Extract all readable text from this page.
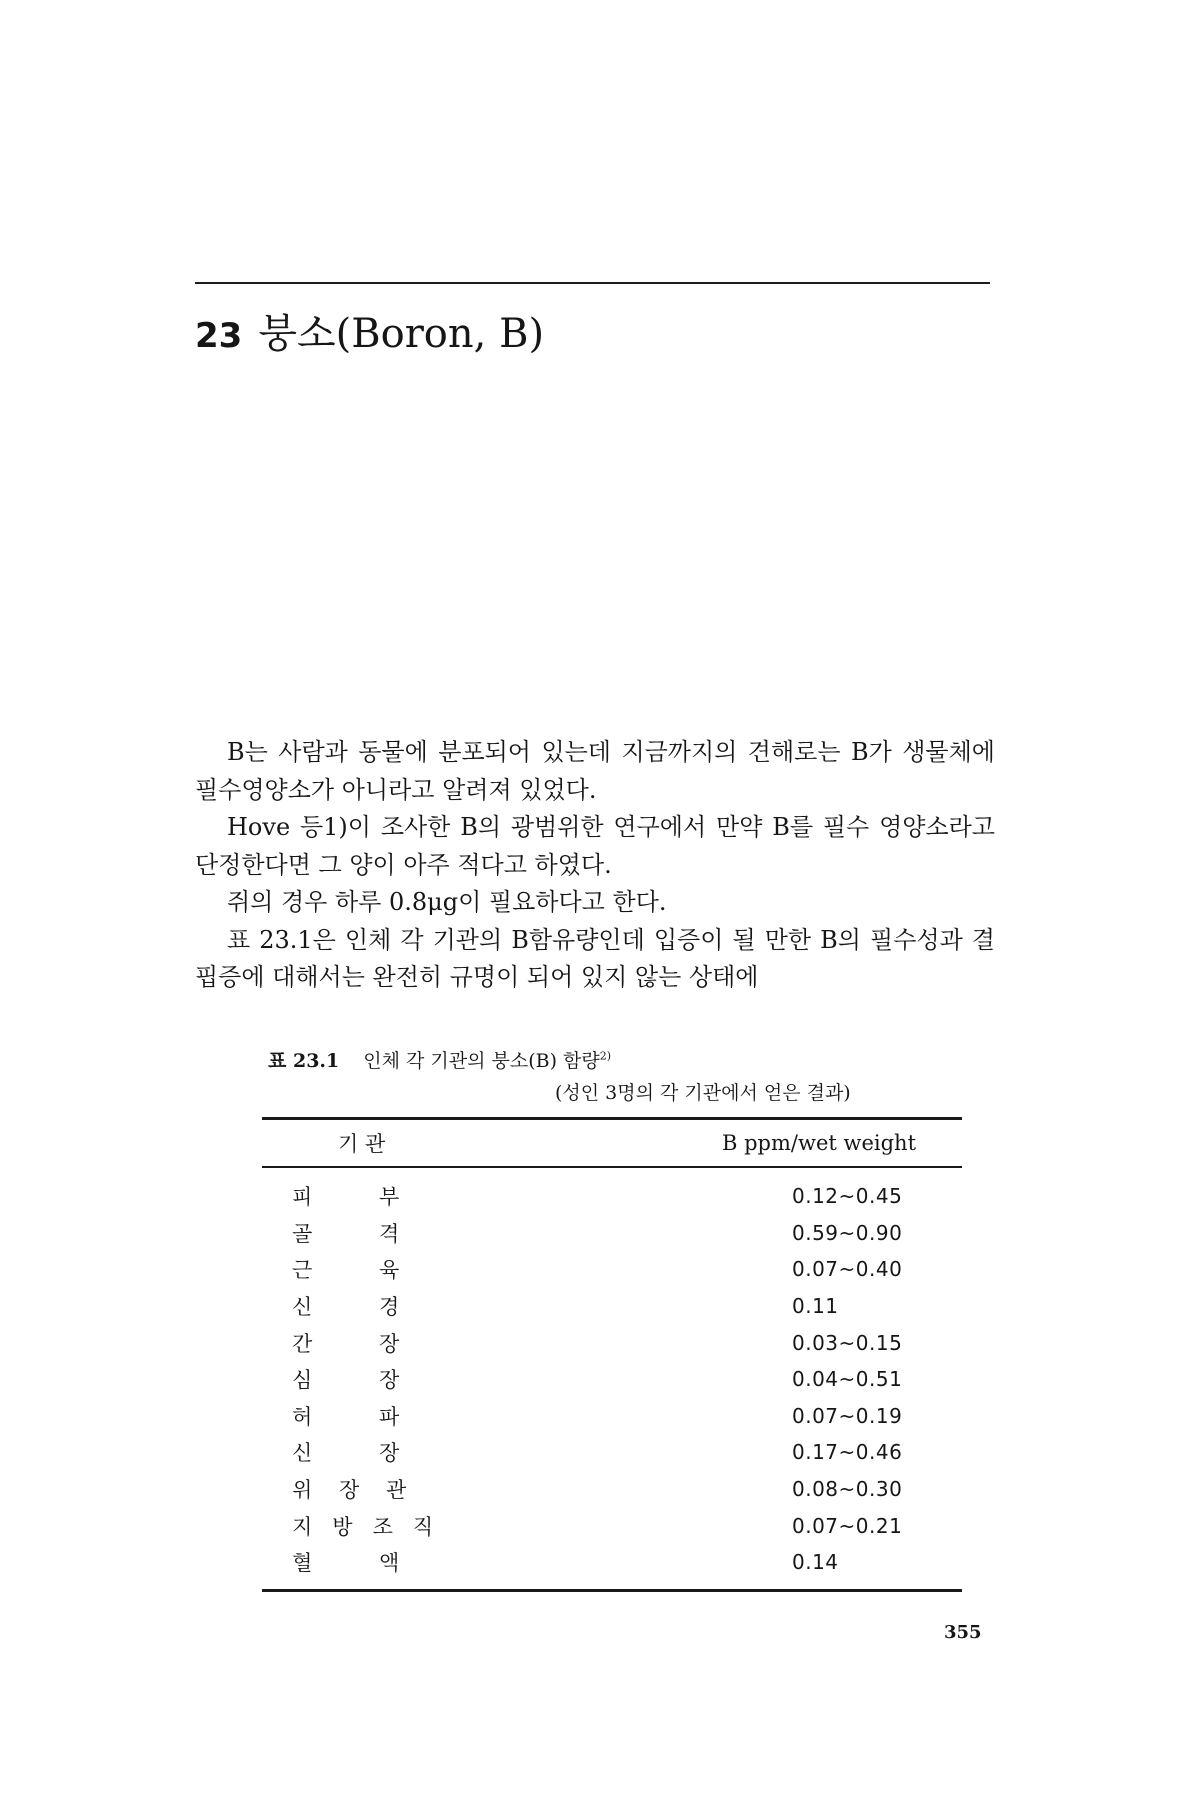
23 붕소(Boron, B)

B는 사람과 동물에 분포되어 있는데 지금까지의 견해로는 B가 생물체에 필수영양소가 아니라고 알려져 있었다.

Hove 등1)이 조사한 B의 광범위한 연구에서 만약 B를 필수 영양소라고 단정한다면 그 양이 아주 적다고 하였다.

쥐의 경우 하루 0.8μg이 필요하다고 한다.

표 23.1은 인체 각 기관의 B함유량인데 입증이 될 만한 B의 필수성과 결핍증에 대해서는 완전히 규명이 되어 있지 않는 상태에

표 23.1 인체 각 기관의 붕소(B) 함량$^{2)}$
(성인 3명의 각 기관에서 얻은 결과)
기 관	B ppm/wet weight
피          부	0.12~0.45
골          격	0.59~0.90
근          육	0.07~0.40
신          경	0.11
간          장	0.03~0.15
심          장	0.04~0.51
허          파	0.07~0.19
신          장	0.17~0.46
위    장    관	0.08~0.30
지   방   조   직	0.07~0.21
혈          액	0.14
355
